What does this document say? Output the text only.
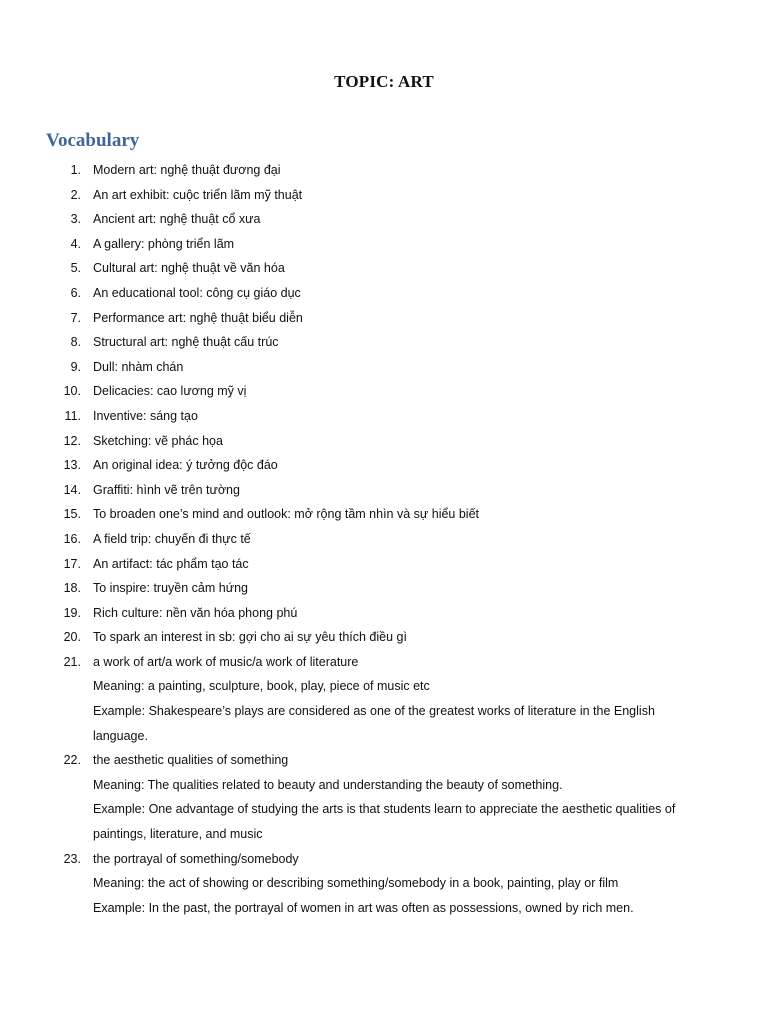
TOPIC: ART
Vocabulary
1. Modern art: nghệ thuật đương đại
2. An art exhibit: cuộc triển lãm mỹ thuật
3. Ancient art: nghệ thuật cổ xưa
4. A gallery: phòng triển lãm
5. Cultural art: nghệ thuật về văn hóa
6. An educational tool: công cụ giáo dục
7. Performance art: nghệ thuật biểu diễn
8. Structural art: nghệ thuật cấu trúc
9. Dull: nhàm chán
10. Delicacies: cao lương mỹ vị
11. Inventive: sáng tạo
12. Sketching: vẽ phác họa
13. An original idea: ý tưởng độc đáo
14. Graffiti: hình vẽ trên tường
15. To broaden one’s mind and outlook: mở rộng tầm nhìn và sự hiểu biết
16. A field trip: chuyến đi thực tế
17. An artifact: tác phẩm tạo tác
18. To inspire: truyền cảm hứng
19. Rich culture: nền văn hóa phong phú
20. To spark an interest in sb: gợi cho ai sự yêu thích điều gì
21. a work of art/a work of music/a work of literature
Meaning: a painting, sculpture, book, play, piece of music etc
Example: Shakespeare’s plays are considered as one of the greatest works of literature in the English
language.
22. the aesthetic qualities of something
Meaning: The qualities related to beauty and understanding the beauty of something.
Example: One advantage of studying the arts is that students learn to appreciate the aesthetic qualities of
paintings, literature, and music
23. the portrayal of something/somebody
Meaning: the act of showing or describing something/somebody in a book, painting, play or film
Example: In the past, the portrayal of women in art was often as possessions, owned by rich men.
